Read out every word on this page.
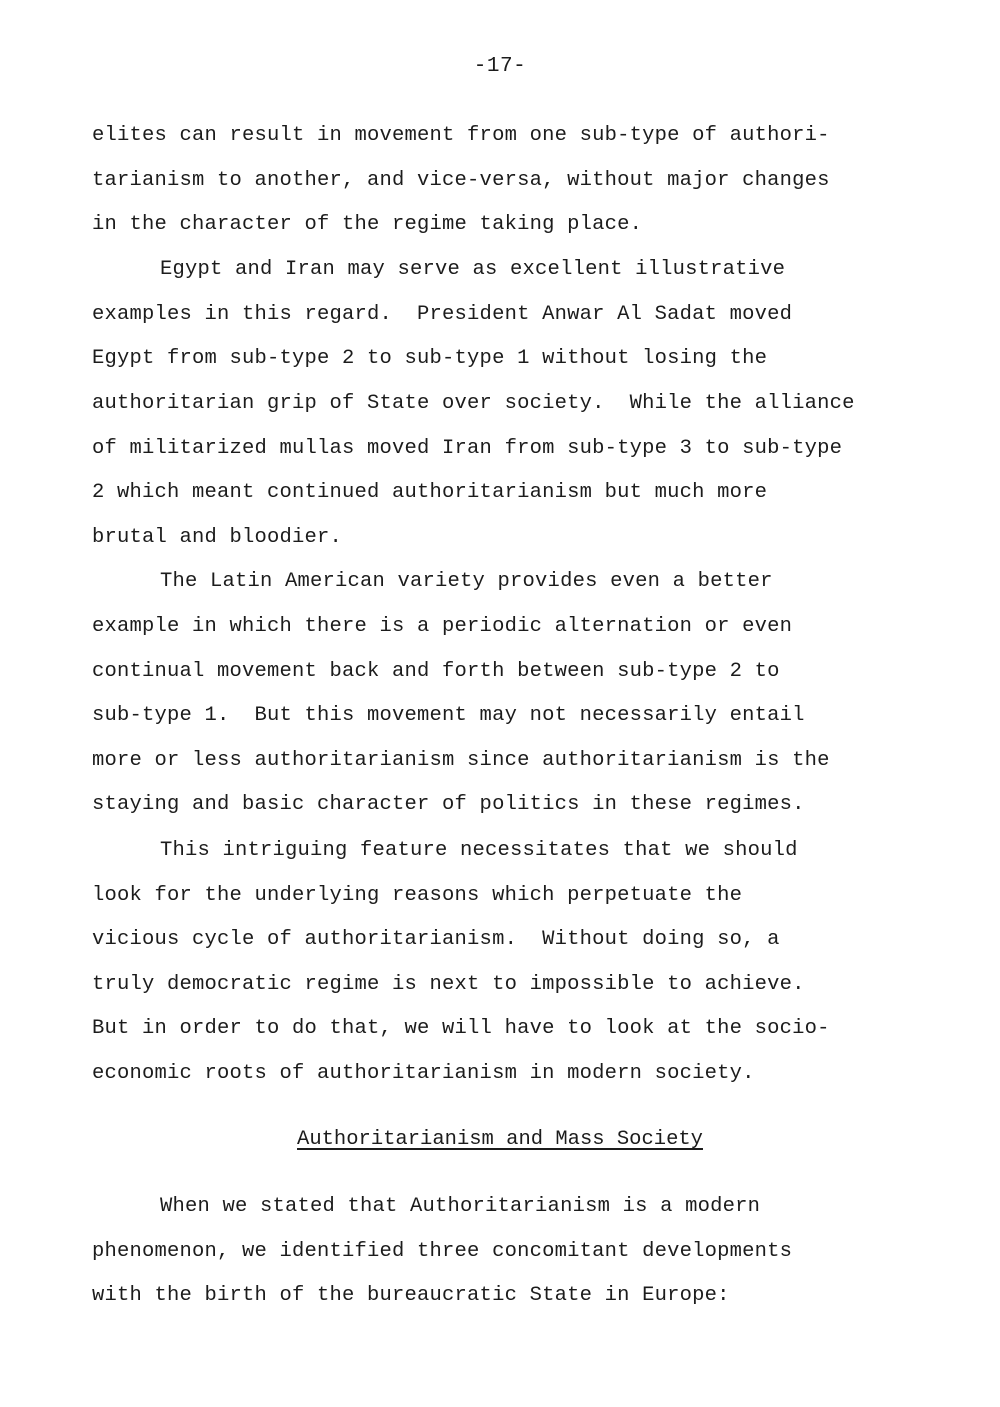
-17-
elites can result in movement from one sub-type of authori-
tarianism to another, and vice-versa, without major changes
in the character of the regime taking place.
Egypt and Iran may serve as excellent illustrative
examples in this regard.  President Anwar Al Sadat moved
Egypt from sub-type 2 to sub-type 1 without losing the
authoritarian grip of State over society.  While the alliance
of militarized mullas moved Iran from sub-type 3 to sub-type
2 which meant continued authoritarianism but much more
brutal and bloodier.
The Latin American variety provides even a better
example in which there is a periodic alternation or even
continual movement back and forth between sub-type 2 to
sub-type 1.  But this movement may not necessarily entail
more or less authoritarianism since authoritarianism is the
staying and basic character of politics in these regimes.
This intriguing feature necessitates that we should
look for the underlying reasons which perpetuate the
vicious cycle of authoritarianism.  Without doing so, a
truly democratic regime is next to impossible to achieve.
But in order to do that, we will have to look at the socio-
economic roots of authoritarianism in modern society.
Authoritarianism and Mass Society
When we stated that Authoritarianism is a modern
phenomenon, we identified three concomitant developments
with the birth of the bureaucratic State in Europe:
